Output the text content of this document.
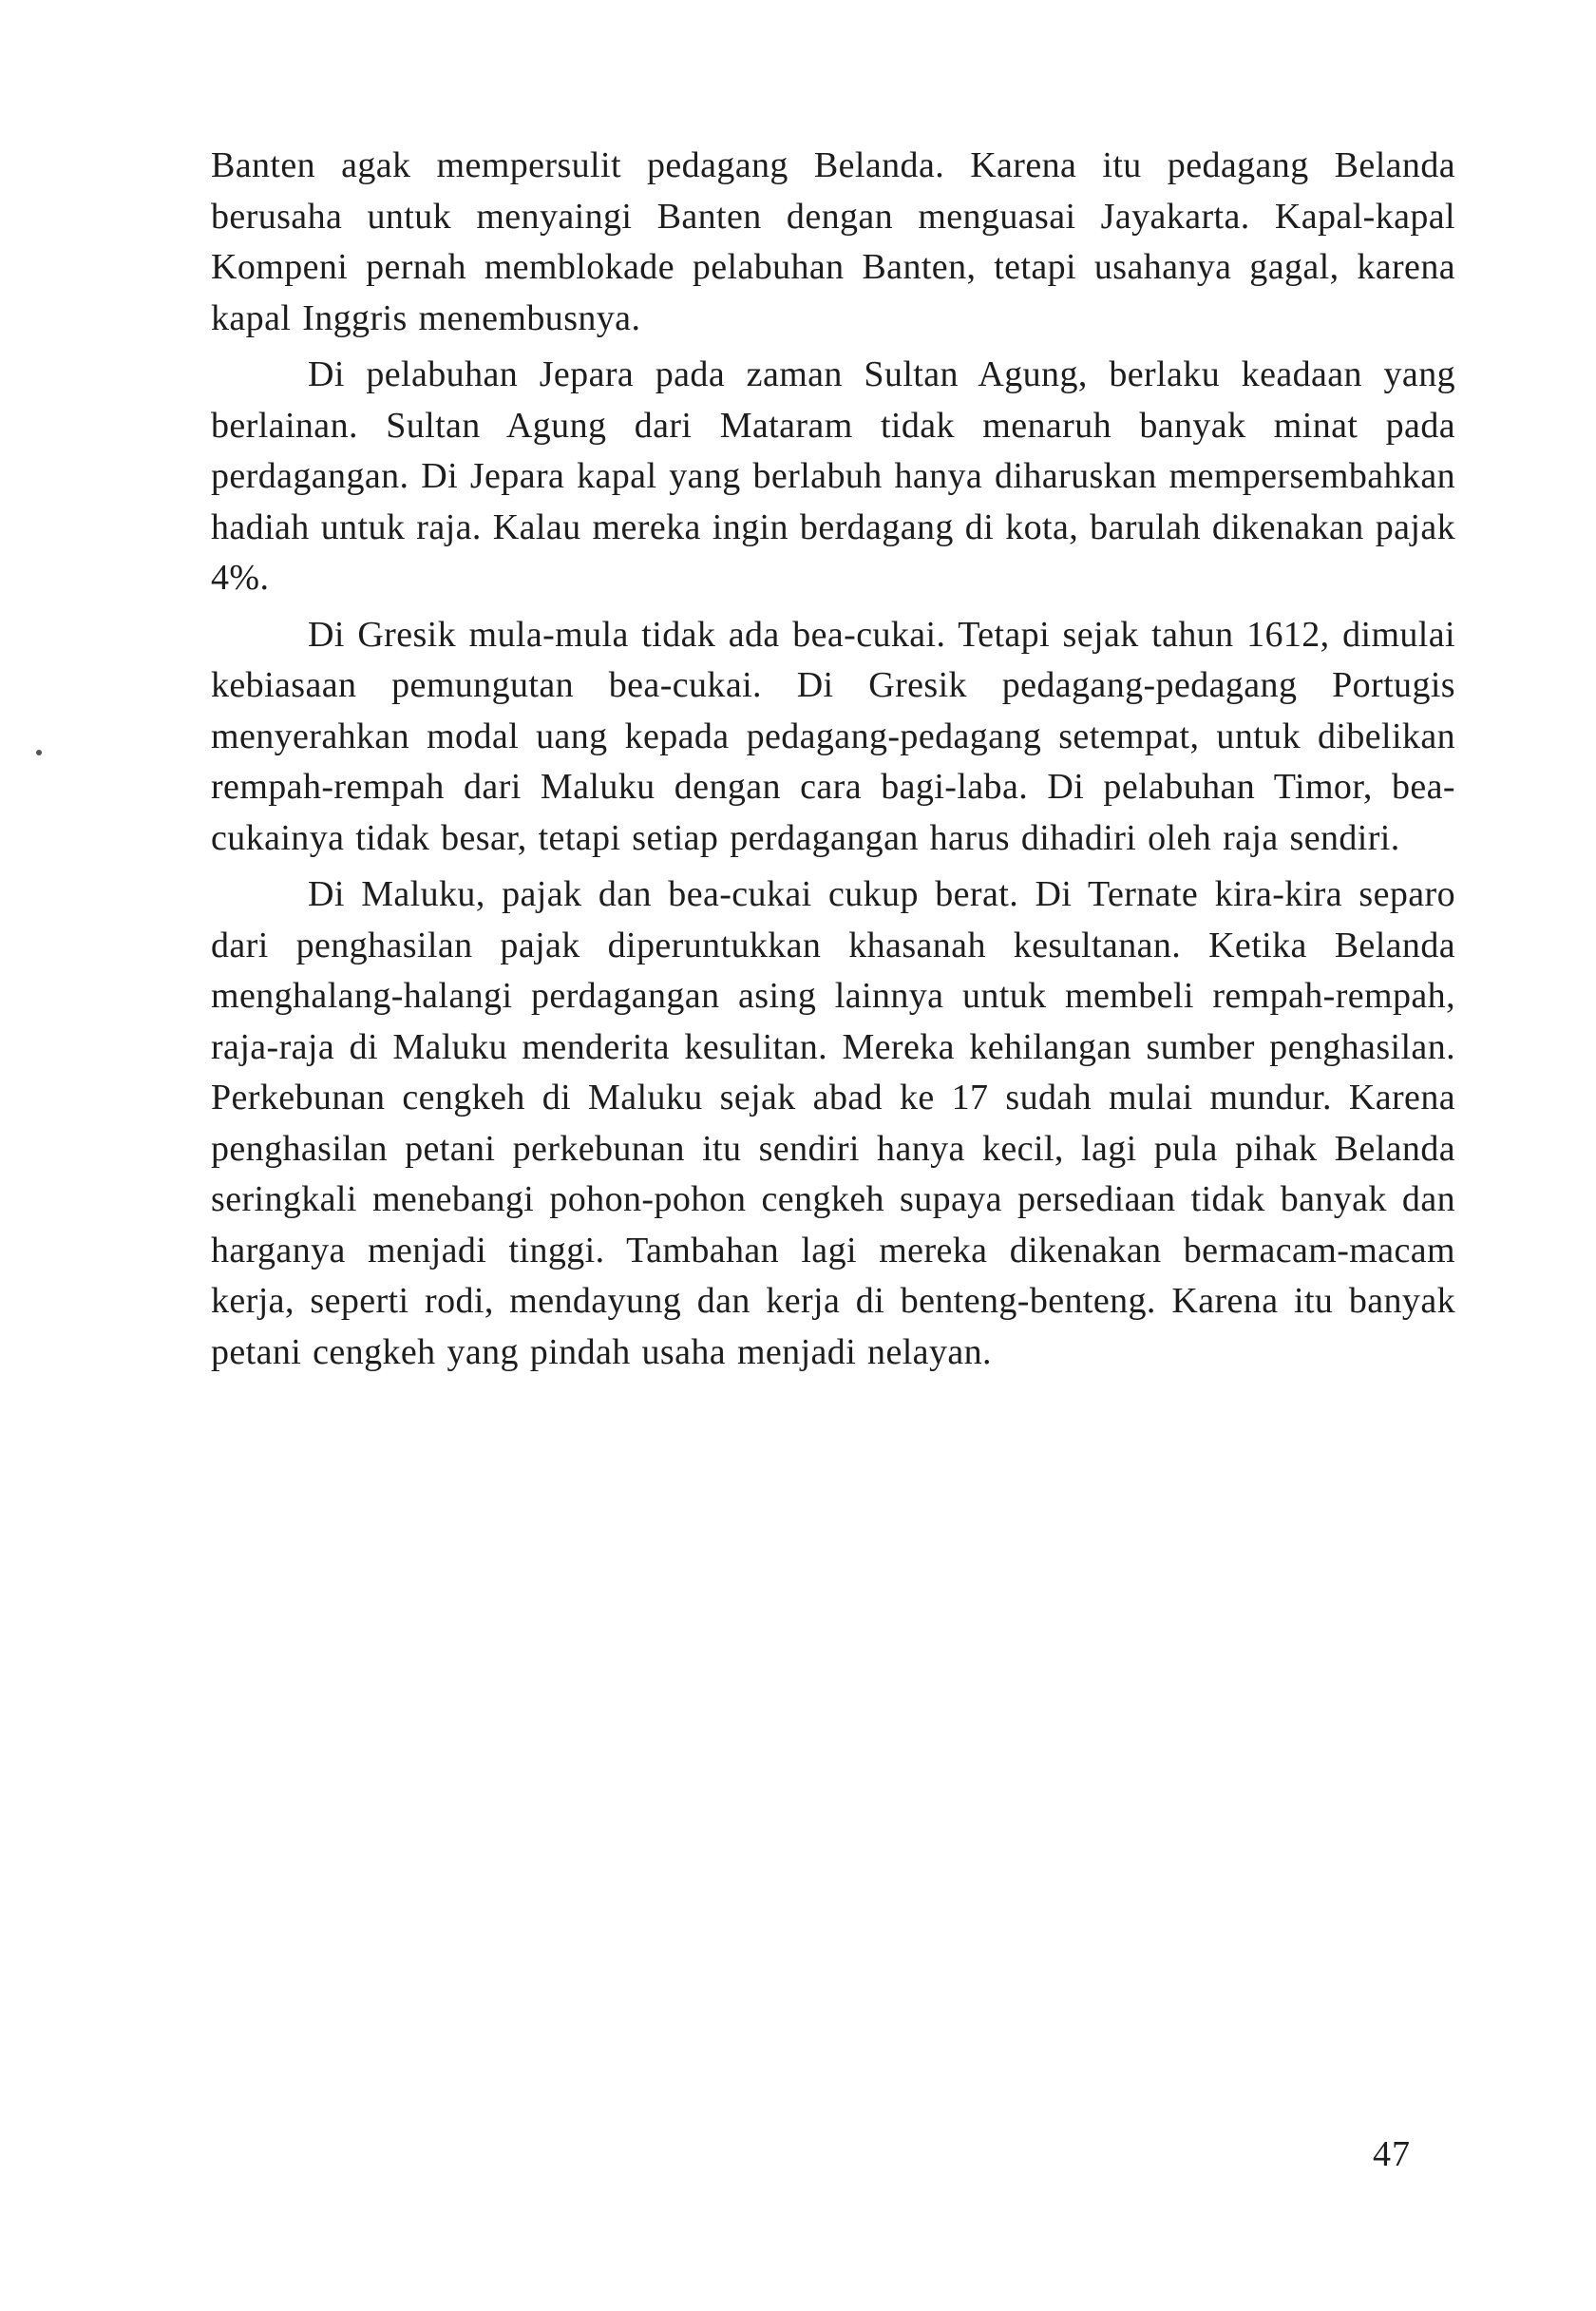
Banten agak mempersulit pedagang Belanda. Karena itu pedagang Belanda berusaha untuk menyaingi Banten dengan menguasai Jayakarta. Kapal-kapal Kompeni pernah memblokade pelabuhan Banten, tetapi usahanya gagal, karena kapal Inggris menembusnya.

Di pelabuhan Jepara pada zaman Sultan Agung, berlaku keadaan yang berlainan. Sultan Agung dari Mataram tidak menaruh banyak minat pada perdagangan. Di Jepara kapal yang berlabuh hanya diharuskan mempersembahkan hadiah untuk raja. Kalau mereka ingin berdagang di kota, barulah dikenakan pajak 4%.

Di Gresik mula-mula tidak ada bea-cukai. Tetapi sejak tahun 1612, dimulai kebiasaan pemungutan bea-cukai. Di Gresik pedagang-pedagang Portugis menyerahkan modal uang kepada pedagang-pedagang setempat, untuk dibelikan rempah-rempah dari Maluku dengan cara bagi-laba. Di pelabuhan Timor, bea-cukainya tidak besar, tetapi setiap perdagangan harus dihadiri oleh raja sendiri.

Di Maluku, pajak dan bea-cukai cukup berat. Di Ternate kira-kira separo dari penghasilan pajak diperuntukkan khasanah kesultanan. Ketika Belanda menghalang-halangi perdagangan asing lainnya untuk membeli rempah-rempah, raja-raja di Maluku menderita kesulitan. Mereka kehilangan sumber penghasilan. Perkebunan cengkeh di Maluku sejak abad ke 17 sudah mulai mundur. Karena penghasilan petani perkebunan itu sendiri hanya kecil, lagi pula pihak Belanda seringkali menebangi pohon-pohon cengkeh supaya persediaan tidak banyak dan harganya menjadi tinggi. Tambahan lagi mereka dikenakan bermacam-macam kerja, seperti rodi, mendayung dan kerja di benteng-benteng. Karena itu banyak petani cengkeh yang pindah usaha menjadi nelayan.

47
